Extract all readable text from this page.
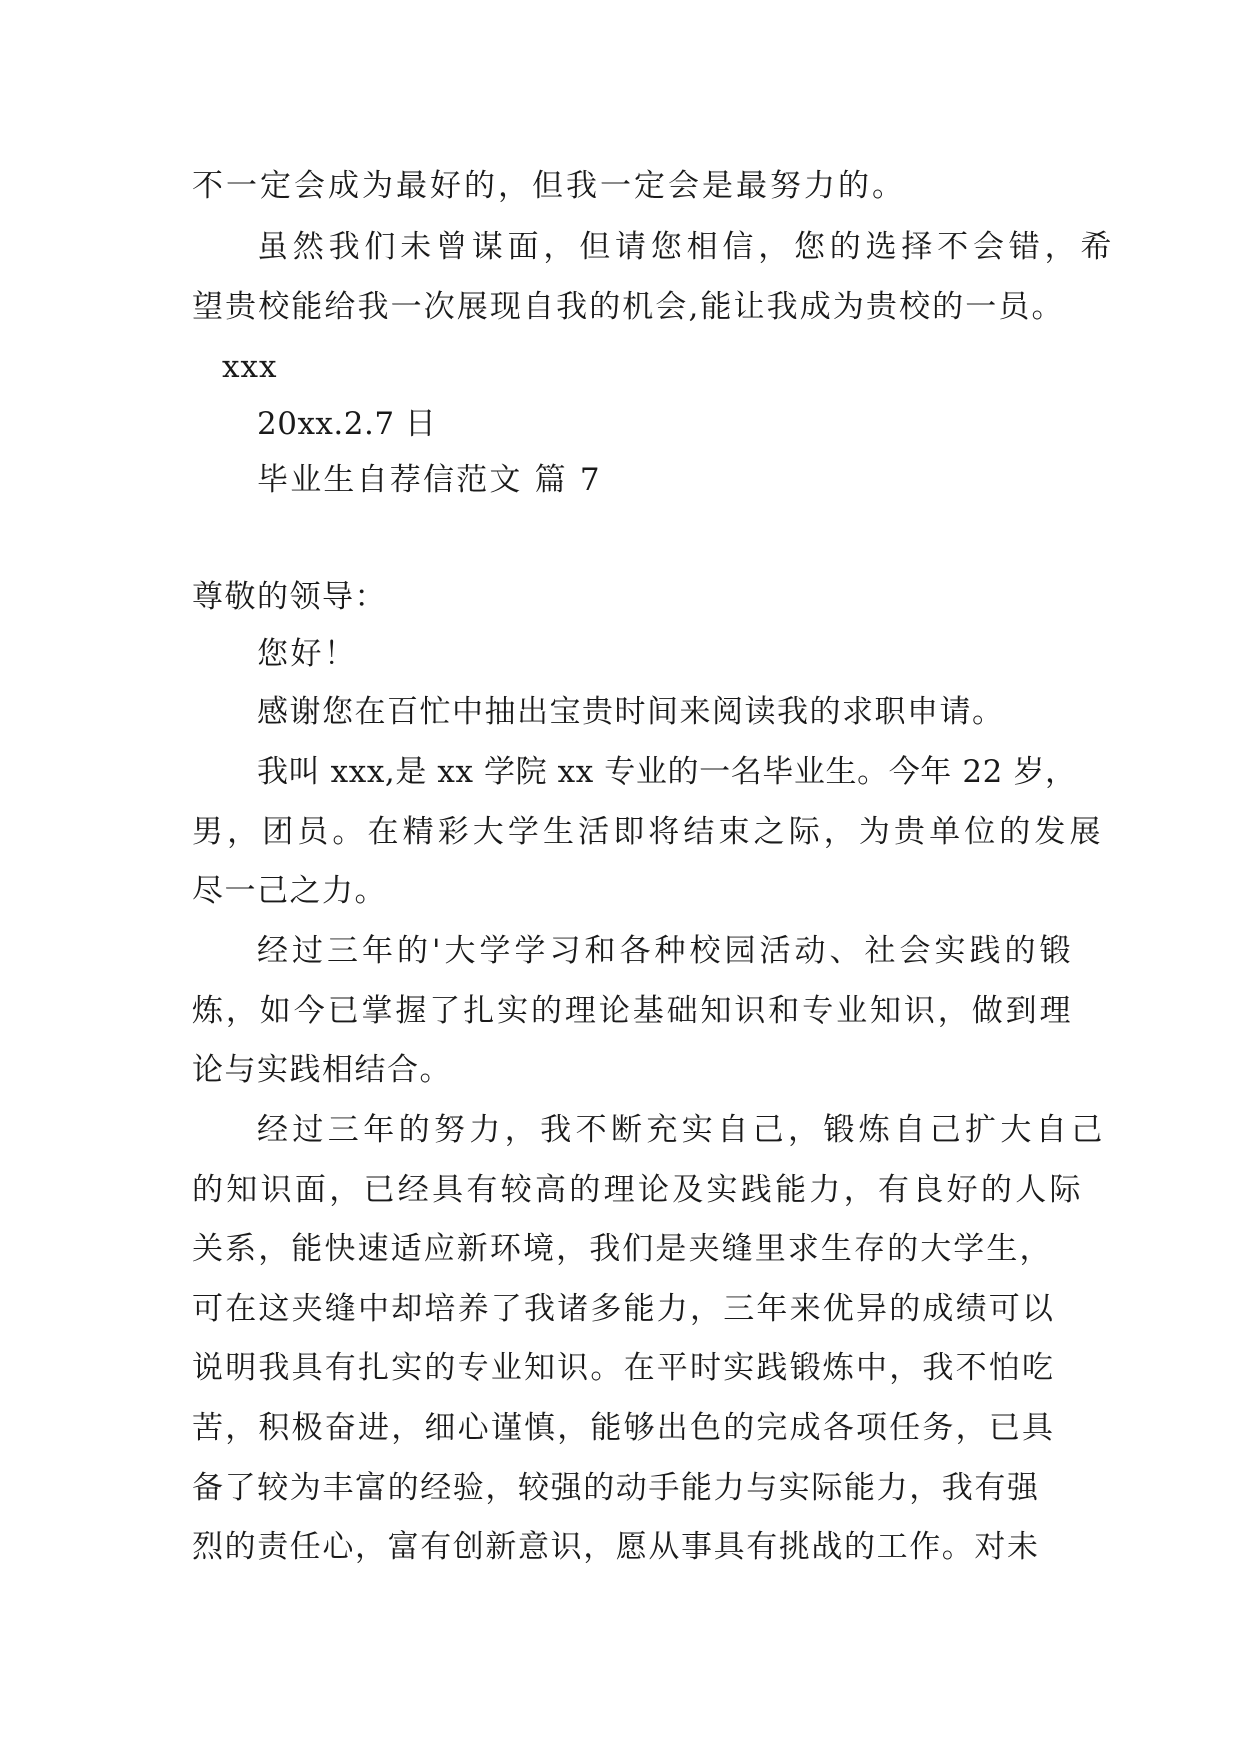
不一定会成为最好的，但我一定会是最努力的。
虽然我们未曾谋面，但请您相信，您的选择不会错，希
望贵校能给我一次展现自我的机会,能让我成为贵校的一员。
xxx
20xx.2.7 日
毕业生自荐信范文 篇 7
尊敬的领导：
您好！
感谢您在百忙中抽出宝贵时间来阅读我的求职申请。
我叫 xxx,是 xx 学院 xx 专业的一名毕业生。今年 22 岁，
男，团员。在精彩大学生活即将结束之际，为贵单位的发展
尽一己之力。
经过三年的'大学学习和各种校园活动、社会实践的锻
炼，如今已掌握了扎实的理论基础知识和专业知识，做到理
论与实践相结合。
经过三年的努力，我不断充实自己，锻炼自己扩大自己
的知识面，已经具有较高的理论及实践能力，有良好的人际
关系，能快速适应新环境，我们是夹缝里求生存的大学生，
可在这夹缝中却培养了我诸多能力，三年来优异的成绩可以
说明我具有扎实的专业知识。在平时实践锻炼中，我不怕吃
苦，积极奋进，细心谨慎，能够出色的完成各项任务，已具
备了较为丰富的经验，较强的动手能力与实际能力，我有强
烈的责任心，富有创新意识，愿从事具有挑战的工作。对未
